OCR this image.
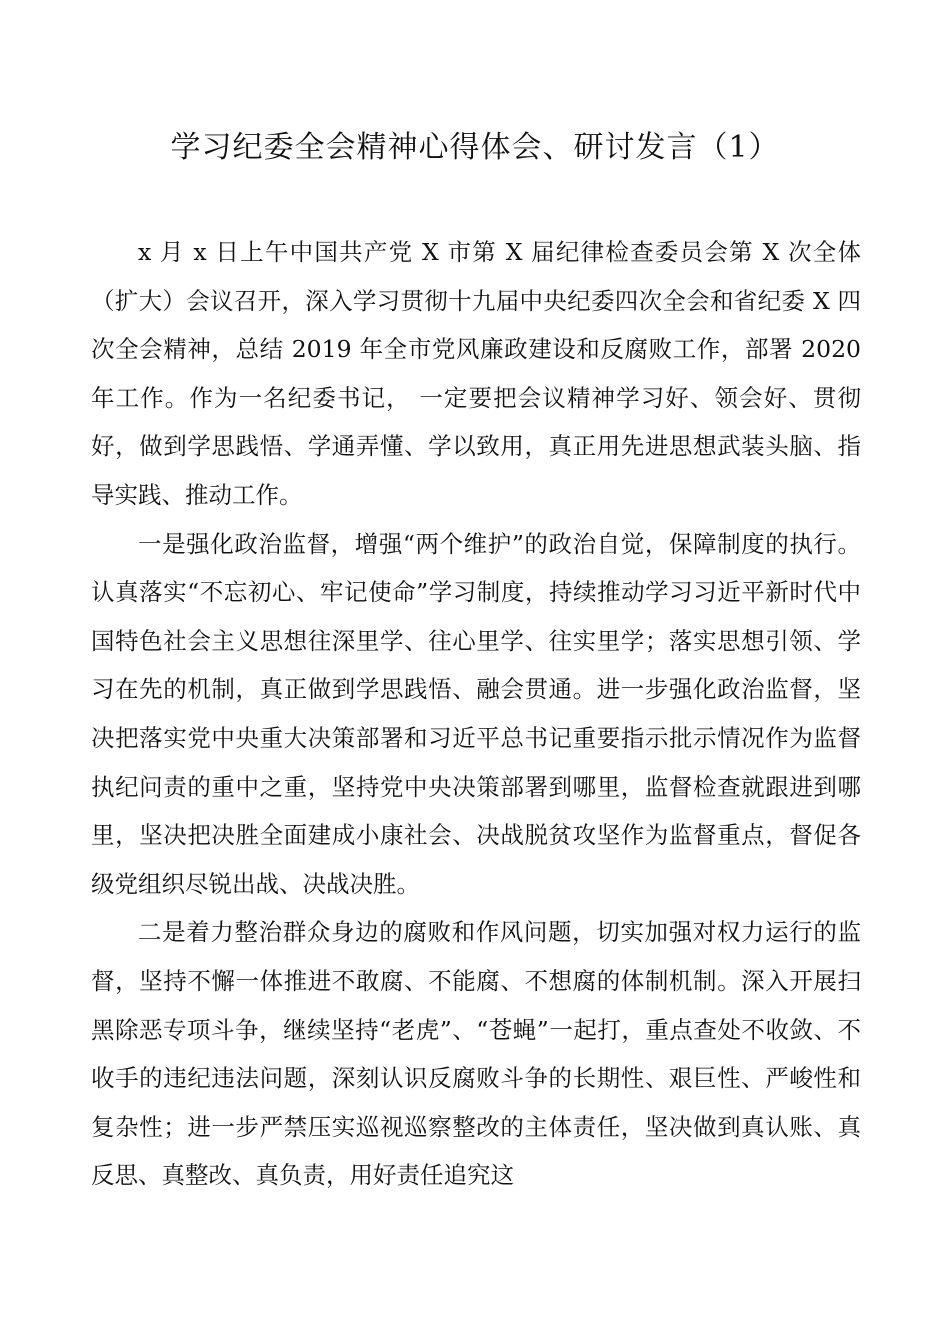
学习纪委全会精神心得体会、研讨发言（1）

x 月 x 日上午中国共产党 X 市第 X 届纪律检查委员会第 X 次全体（扩大）会议召开，深入学习贯彻十九届中央纪委四次全会和省纪委 X 四次全会精神，总结 2019 年全市党风廉政建设和反腐败工作，部署 2020 年工作。作为一名纪委书记， 一定要把会议精神学习好、领会好、贯彻好，做到学思践悟、学通弄懂、学以致用，真正用先进思想武装头脑、指导实践、推动工作。

一是强化政治监督，增强“两个维护”的政治自觉，保障制度的执行。认真落实“不忘初心、牢记使命”学习制度，持续推动学习习近平新时代中国特色社会主义思想往深里学、往心里学、往实里学；落实思想引领、学习在先的机制，真正做到学思践悟、融会贯通。进一步强化政治监督，坚决把落实党中央重大决策部署和习近平总书记重要指示批示情况作为监督执纪问责的重中之重，坚持党中央决策部署到哪里，监督检查就跟进到哪里，坚决把决胜全面建成小康社会、决战脱贫攻坚作为监督重点，督促各级党组织尽锐出战、决战决胜。

二是着力整治群众身边的腐败和作风问题，切实加强对权力运行的监督，坚持不懈一体推进不敢腐、不能腐、不想腐的体制机制。深入开展扫黑除恶专项斗争，继续坚持“老虎”、“苍蝇”一起打，重点查处不收敛、不收手的违纪违法问题，深刻认识反腐败斗争的长期性、艰巨性、严峻性和复杂性；进一步严禁压实巡视巡察整改的主体责任，坚决做到真认账、真反思、真整改、真负责，用好责任追究这
